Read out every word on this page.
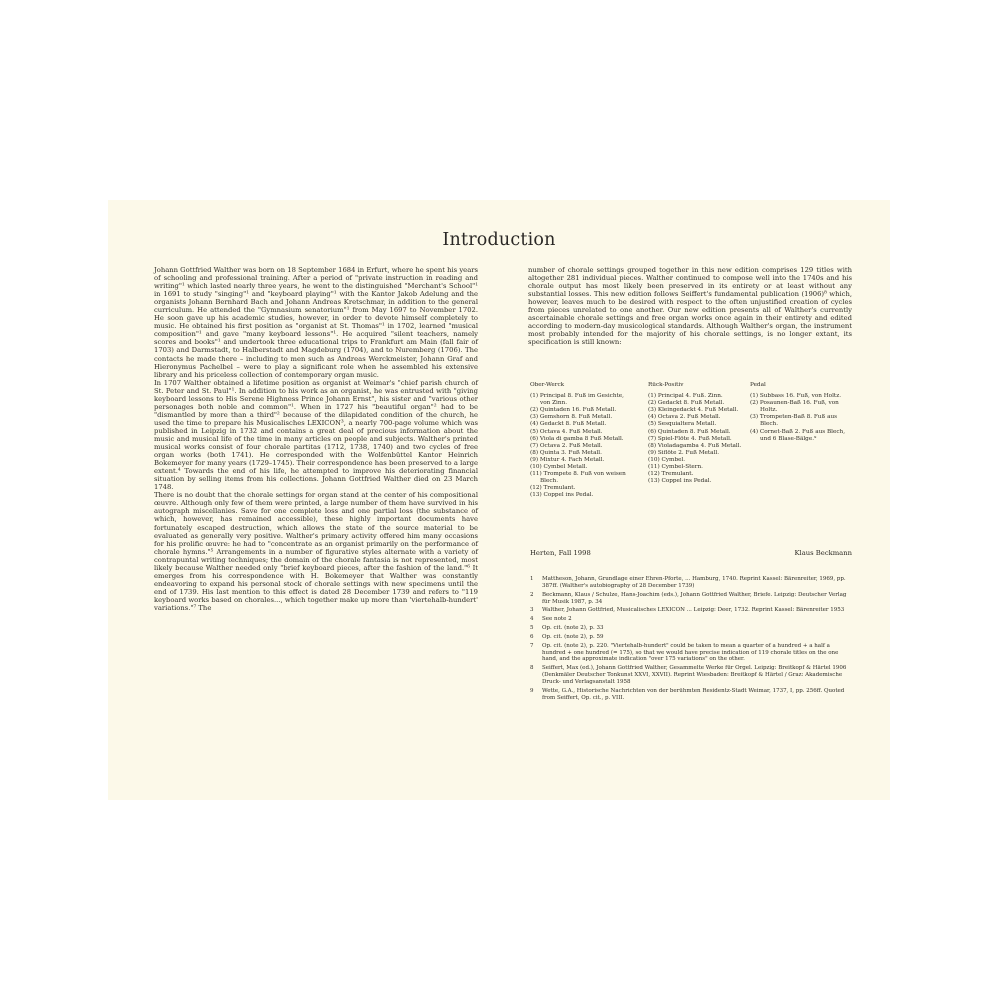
Introduction

Johann Gottfried Walther was born on 18 September 1684 in Erfurt, where he spent his years of schooling and professional training. After a period of "private instruction in reading and writing"¹ which lasted nearly three years, he went to the distinguished "Merchant's School"¹ in 1691 to study "singing"¹ and "keyboard playing"¹ with the Kantor Jakob Adelung and the organists Johann Bernhard Bach and Johann Andreas Kretschmar, in addition to the general curriculum. He attended the "Gymnasium senatorium"¹ from May 1697 to November 1702. He soon gave up his academic studies, however, in order to devote himself completely to music. He obtained his first position as "organist at St. Thomas"¹ in 1702, learned "musical composition"¹ and gave "many keyboard lessons"¹. He acquired "silent teachers, namely scores and books"¹ and undertook three educational trips to Frankfurt am Main (fall fair of 1703) and Darmstadt, to Halberstadt and Magdeburg (1704), and to Nuremberg (1706). The contacts he made there – including to men such as Andreas Werckmeister, Johann Graf and Hieronymus Pachelbel – were to play a significant role when he assembled his extensive library and his priceless collection of contemporary organ music.

In 1707 Walther obtained a lifetime position as organist at Weimar's "chief parish church of St. Peter and St. Paul"¹. In addition to his work as an organist, he was entrusted with "giving keyboard lessons to His Serene Highness Prince Johann Ernst", his sister and "various other personages both noble and common"¹. When in 1727 his "beautiful organ"² had to be "dismantled by more than a third"² because of the dilapidated condition of the church, he used the time to prepare his Musicalisches LEXICON³, a nearly 700-page volume which was published in Leipzig in 1732 and contains a great deal of precious information about the music and musical life of the time in many articles on people and subjects. Walther's printed musical works consist of four chorale partitas (1712, 1738, 1740) and two cycles of free organ works (both 1741). He corresponded with the Wolfenbüttel Kantor Heinrich Bokemeyer for many years (1729–1745). Their correspondence has been preserved to a large extent.⁴ Towards the end of his life, he attempted to improve his deteriorating financial situation by selling items from his collections. Johann Gottfried Walther died on 23 March 1748.

There is no doubt that the chorale settings for organ stand at the center of his compositional œuvre. Although only few of them were printed, a large number of them have survived in his autograph miscellanies. Save for one complete loss and one partial loss (the substance of which, however, has remained accessible), these highly important documents have fortunately escaped destruction, which allows the state of the source material to be evaluated as generally very positive. Walther's primary activity offered him many occasions for his prolific œuvre: he had to "concentrate as an organist primarily on the performance of chorale hymns."⁵ Arrangements in a number of figurative styles alternate with a variety of contrapuntal writing techniques; the domain of the chorale fantasia is not represented, most likely because Walther needed only "brief keyboard pieces, after the fashion of the land."⁶ It emerges from his correspondence with H. Bokemeyer that Walther was constantly endeavoring to expand his personal stock of chorale settings with new specimens until the end of 1739. His last mention to this effect is dated 28 December 1739 and refers to "119 keyboard works based on chorales..., which together make up more than 'viertehalb-hundert' variations."⁷ The

number of chorale settings grouped together in this new edition comprises 129 titles with altogether 281 individual pieces. Walther continued to compose well into the 1740s and his chorale output has most likely been preserved in its entirety or at least without any substantial losses. This new edition follows Seiffert's fundamental publication (1906)⁸ which, however, leaves much to be desired with respect to the often unjustified creation of cycles from pieces unrelated to one another. Our new edition presents all of Walther's currently ascertainable chorale settings and free organ works once again in their entirety and edited according to modern-day musicological standards. Although Walther's organ, the instrument most probably intended for the majority of his chorale settings, is no longer extant, its specification is still known:

Ober-Werck
(1) Principal 8. Fuß im Gesichte, von Zinn.
(2) Quintaden 16. Fuß Metall.
(3) Gemshorn 8. Fuß Metall.
(4) Gedackt 8. Fuß Metall.
(5) Octava 4. Fuß Metall.
(6) Viola di gamba 8 Fuß Metall.
(7) Octava 2. Fuß Metall.
(8) Quinta 3. Fuß Metall.
(9) Mixtur 4. Fach Metall.
(10) Cymbel Metall.
(11) Trompete 8. Fuß von weisen Blech.
(12) Tremulant.
(13) Coppel ins Pedal.
Rück-Positiv
(1) Principal 4. Fuß. Zinn.
(2) Gedackt 8. Fuß Metall.
(3) Kleingedackt 4. Fuß Metall.
(4) Octava 2. Fuß Metall.
(5) Sesquialtera Metall.
(6) Quintaden 8. Fuß Metall.
(7) Spiel-Flöte 4. Fuß Metall.
(8) Violadagamba 4. Fuß Metall.
(9) Siflöte 2. Fuß Metall.
(10) Cymbel.
(11) Cymbel-Stern.
(12) Tremulant.
(13) Coppel ins Pedal.
Pedal
(1) Subbass 16. Fuß, von Holtz.
(2) Posaunen-Baß 16. Fuß, von Holtz.
(3) Trompeten-Baß 8. Fuß aus Blech.
(4) Cornet-Baß 2. Fuß aus Blech, und 6 Blase-Bälge.⁹
Herten, Fall 1998	Klaus Beckmann
1 Mattheson, Johann, Grundlage einer Ehren-Pforte, ... Hamburg, 1740. Reprint Kassel: Bärenreiter, 1969, pp. 387ff. (Walther's autobiography of 28 December 1739)
2 Beckmann, Klaus / Schulze, Hans-Joachim (eds.), Johann Gottfried Walther, Briefe. Leipzig: Deutscher Verlag für Musik 1987, p. 34
3 Walther, Johann Gottfried, Musicalisches LEXICON ... Leipzig: Deer, 1732. Reprint Kassel: Bärenreiter 1953
4 See note 2
5 Op. cit. (note 2), p. 33
6 Op. cit. (note 2), p. 59
7 Op. cit. (note 2), p. 220. "Viertehalb-hundert" could be taken to mean a quarter of a hundred + a half a hundred + one hundred (= 175), so that we would have precise indication of 119 chorale titles on the one hand, and the approximate indication "over 175 variations" on the other.
8 Seiffert, Max (ed.), Johann Gottfried Walther, Gesammelte Werke für Orgel. Leipzig: Breitkopf & Härtel 1906 (Denkmäler Deutscher Tonkunst XXVI, XXVII). Reprint Wiesbaden: Breitkopf & Härtel / Graz: Akademische Druck- und Verlagsanstalt 1958
9 Wette, G.A., Historische Nachrichten von der berühmten Residentz-Stadt Weimar, 1737, I, pp. 256ff. Quoted from Seiffert, Op. cit., p. VIII.
